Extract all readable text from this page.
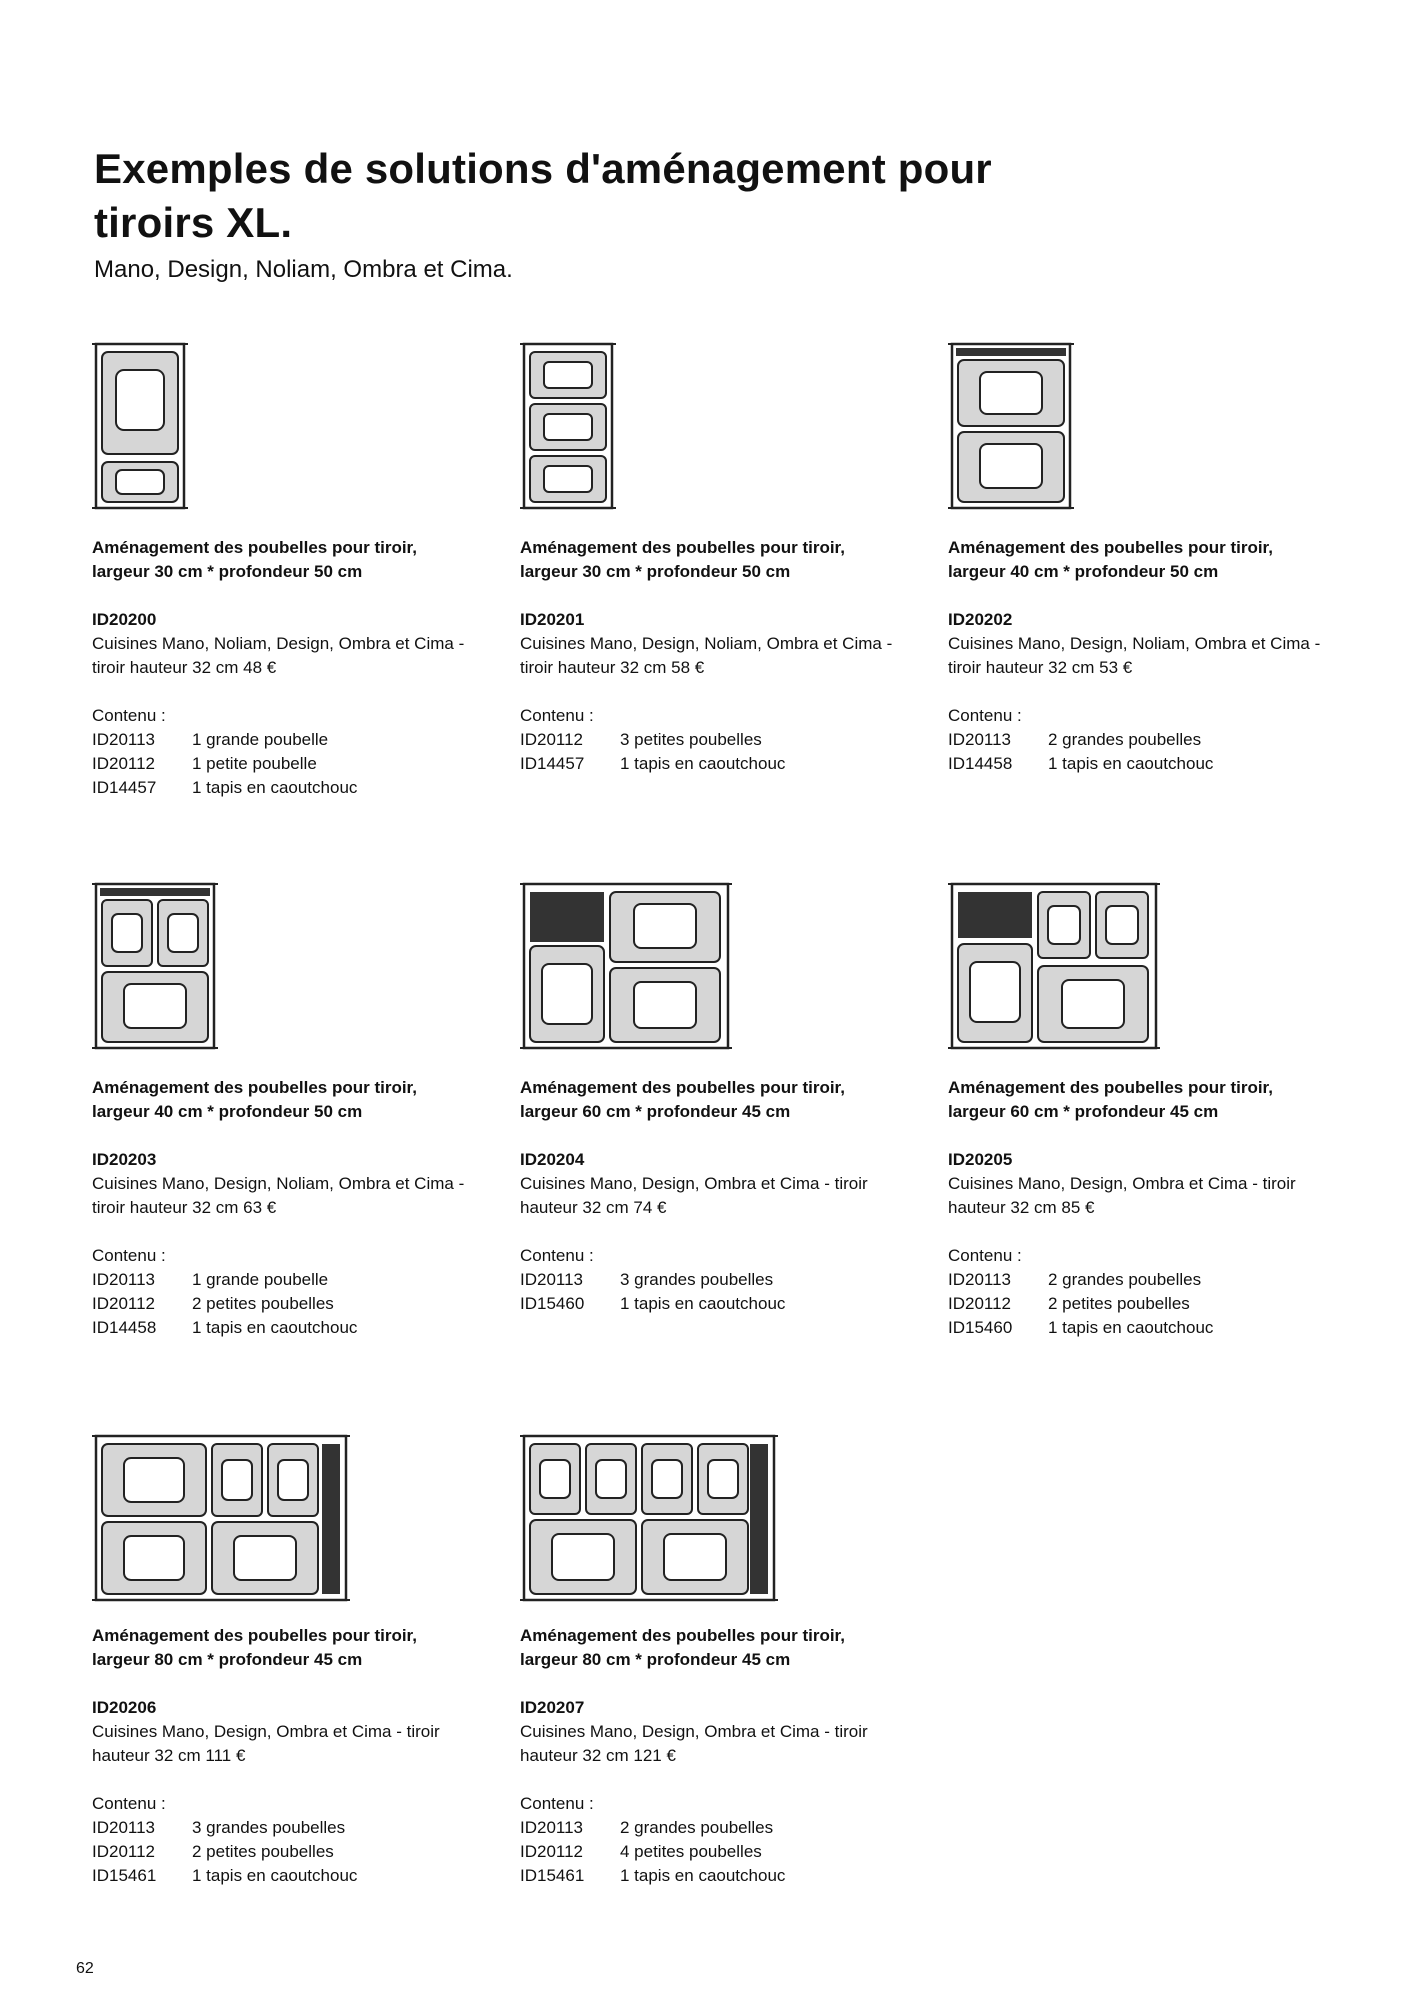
Exemples de solutions d'aménagement pour tiroirs XL.

Mano, Design, Noliam, Ombra et Cima.

Aménagement des poubelles pour tiroir, largeur 30 cm * profondeur 50 cm

ID20200

Cuisines Mano, Noliam, Design, Ombra et Cima - tiroir hauteur 32 cm 48 €

Contenu :

ID20113	1 grande poubelle
ID20112	1 petite poubelle
ID14457	1 tapis en caoutchouc

Aménagement des poubelles pour tiroir, largeur 30 cm * profondeur 50 cm

ID20201

Cuisines Mano, Design, Noliam, Ombra et Cima - tiroir hauteur 32 cm 58 €

Contenu :

ID20112	3 petites poubelles
ID14457	1 tapis en caoutchouc

Aménagement des poubelles pour tiroir, largeur 40 cm * profondeur 50 cm

ID20202

Cuisines Mano, Design, Noliam, Ombra et Cima - tiroir hauteur 32 cm 53 €

Contenu :

ID20113	2 grandes poubelles
ID14458	1 tapis en caoutchouc

Aménagement des poubelles pour tiroir, largeur 40 cm * profondeur 50 cm

ID20203

Cuisines Mano, Design, Noliam, Ombra et Cima - tiroir hauteur 32 cm 63 €

Contenu :

ID20113	1 grande poubelle
ID20112	2 petites poubelles
ID14458	1 tapis en caoutchouc

Aménagement des poubelles pour tiroir, largeur 60 cm * profondeur 45 cm

ID20204

Cuisines Mano, Design, Ombra et Cima - tiroir hauteur 32 cm 74 €

Contenu :

ID20113	3 grandes poubelles
ID15460	1 tapis en caoutchouc

Aménagement des poubelles pour tiroir, largeur 60 cm * profondeur 45 cm

ID20205

Cuisines Mano, Design, Ombra et Cima - tiroir hauteur 32 cm 85 €

Contenu :

ID20113	2 grandes poubelles
ID20112	2 petites poubelles
ID15460	1 tapis en caoutchouc

Aménagement des poubelles pour tiroir, largeur 80 cm * profondeur 45 cm

ID20206

Cuisines Mano, Design, Ombra et Cima - tiroir hauteur 32 cm 111 €

Contenu :

ID20113	3 grandes poubelles
ID20112	2 petites poubelles
ID15461	1 tapis en caoutchouc

Aménagement des poubelles pour tiroir, largeur 80 cm * profondeur 45 cm

ID20207

Cuisines Mano, Design, Ombra et Cima - tiroir hauteur 32 cm 121 €

Contenu :

ID20113	2 grandes poubelles
ID20112	4 petites poubelles
ID15461	1 tapis en caoutchouc
62
